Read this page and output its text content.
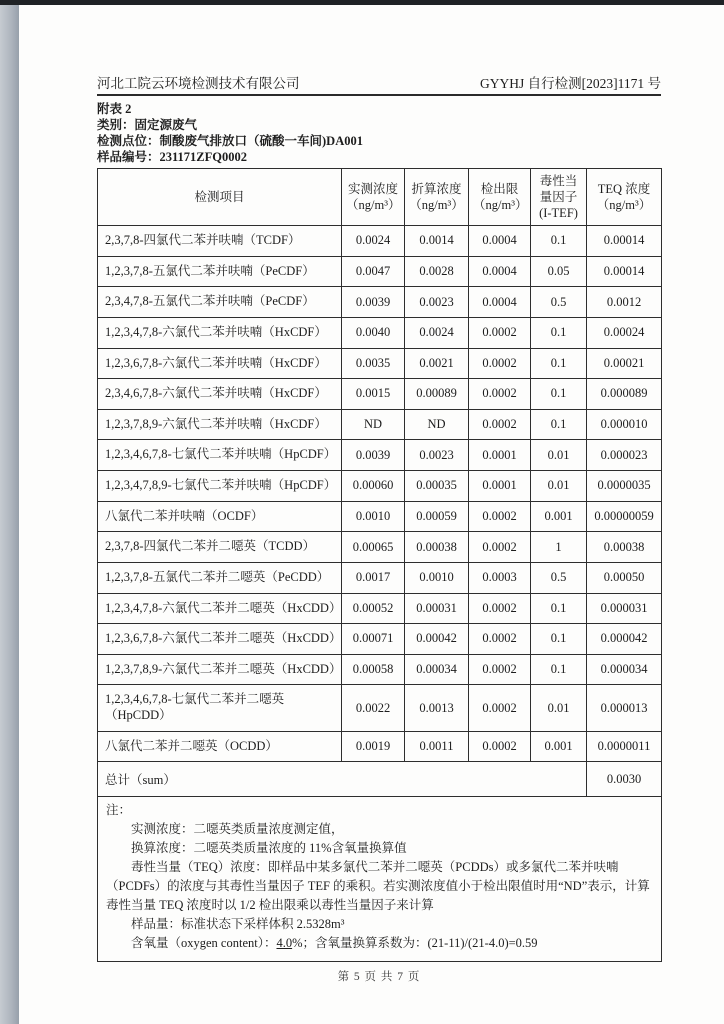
河北工院云环境检测技术有限公司	GYYHJ 自行检测[2023]1171 号

附表 2

类别：固定源废气

检测点位：制酸废气排放口（硫酸一车间)DA001

样品编号：231171ZFQ0002

检测项目	实测浓度（ng/m³）	折算浓度（ng/m³）	检出限（ng/m³）	毒性当量因子(I-TEF)	TEQ 浓度（ng/m³）
2,3,7,8-四氯代二苯并呋喃（TCDF）	0.0024	0.0014	0.0004	0.1	0.00014
1,2,3,7,8-五氯代二苯并呋喃（PeCDF）	0.0047	0.0028	0.0004	0.05	0.00014
2,3,4,7,8-五氯代二苯并呋喃（PeCDF）	0.0039	0.0023	0.0004	0.5	0.0012
1,2,3,4,7,8-六氯代二苯并呋喃（HxCDF）	0.0040	0.0024	0.0002	0.1	0.00024
1,2,3,6,7,8-六氯代二苯并呋喃（HxCDF）	0.0035	0.0021	0.0002	0.1	0.00021
2,3,4,6,7,8-六氯代二苯并呋喃（HxCDF）	0.0015	0.00089	0.0002	0.1	0.000089
1,2,3,7,8,9-六氯代二苯并呋喃（HxCDF）	ND	ND	0.0002	0.1	0.000010
1,2,3,4,6,7,8-七氯代二苯并呋喃（HpCDF）	0.0039	0.0023	0.0001	0.01	0.000023
1,2,3,4,7,8,9-七氯代二苯并呋喃（HpCDF）	0.00060	0.00035	0.0001	0.01	0.0000035
八氯代二苯并呋喃（OCDF）	0.0010	0.00059	0.0002	0.001	0.00000059
2,3,7,8-四氯代二苯并二噁英（TCDD）	0.00065	0.00038	0.0002	1	0.00038
1,2,3,7,8-五氯代二苯并二噁英（PeCDD）	0.0017	0.0010	0.0003	0.5	0.00050
1,2,3,4,7,8-六氯代二苯并二噁英（HxCDD）	0.00052	0.00031	0.0002	0.1	0.000031
1,2,3,6,7,8-六氯代二苯并二噁英（HxCDD）	0.00071	0.00042	0.0002	0.1	0.000042
1,2,3,7,8,9-六氯代二苯并二噁英（HxCDD）	0.00058	0.00034	0.0002	0.1	0.000034
1,2,3,4,6,7,8-七氯代二苯并二噁英（HpCDD）	0.0022	0.0013	0.0002	0.01	0.000013
八氯代二苯并二噁英（OCDD）	0.0019	0.0011	0.0002	0.001	0.0000011
总计（sum）					0.0030

注：

实测浓度：二噁英类质量浓度测定值，

换算浓度：二噁英类质量浓度的 11%含氧量换算值

毒性当量（TEQ）浓度：即样品中某多氯代二苯并二噁英（PCDDs）或多氯代二苯并呋喃（PCDFs）的浓度与其毒性当量因子 TEF 的乘积。若实测浓度值小于检出限值时用“ND”表示，计算毒性当量 TEQ 浓度时以 1/2 检出限乘以毒性当量因子来计算

样品量：标准状态下采样体积 2.5328m³

含氧量（oxygen content）：4.0%；含氧量换算系数为：(21-11)/(21-4.0)=0.59

第 5 页 共 7 页
